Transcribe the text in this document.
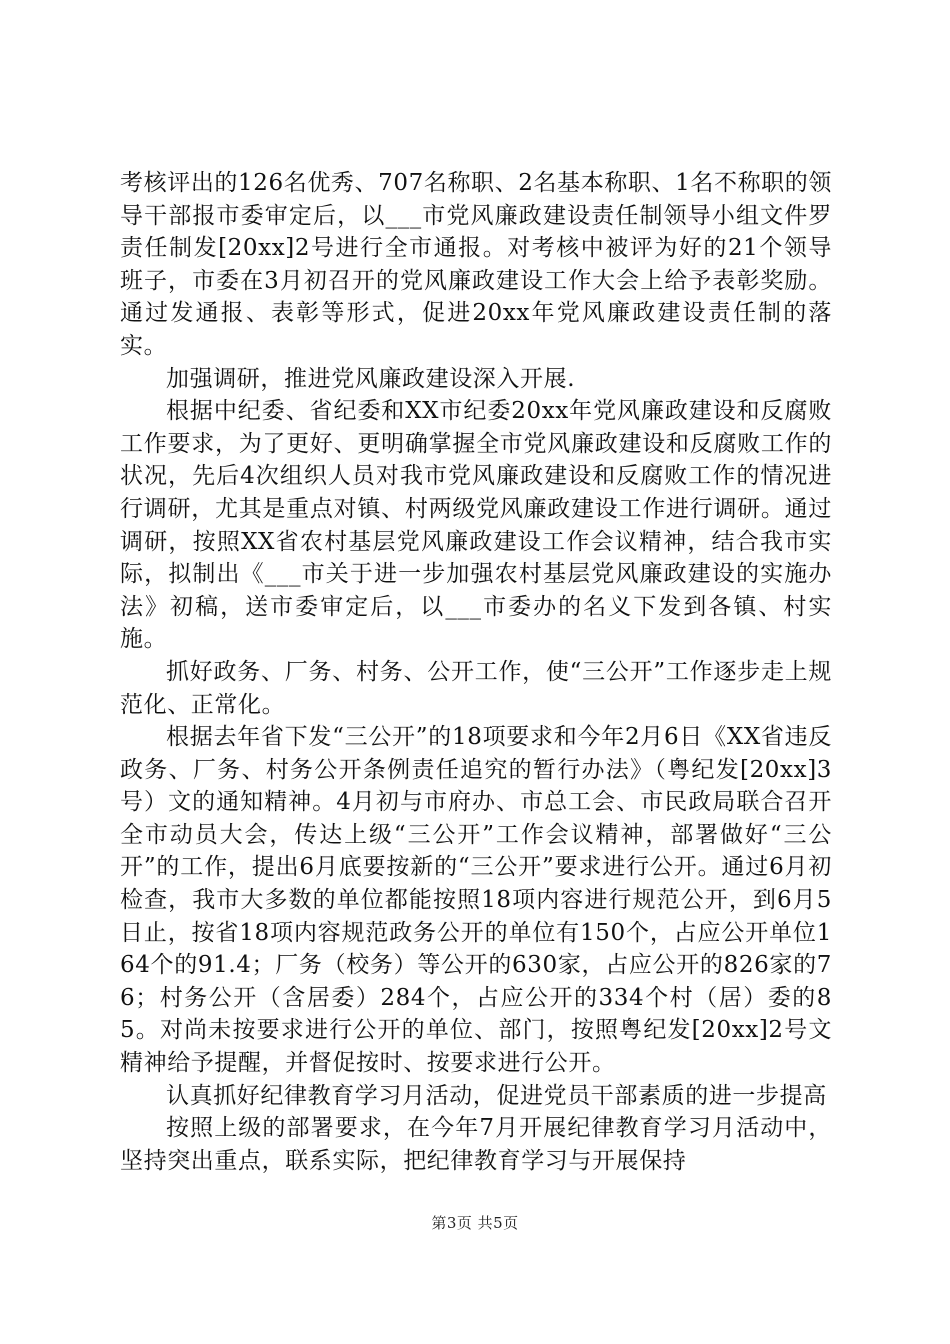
考核评出的126名优秀、707名称职、2名基本称职、1名不称职的领导干部报市委审定后，以___市党风廉政建设责任制领导小组文件罗责任制发[20xx]2号进行全市通报。对考核中被评为好的21个领导班子，市委在3月初召开的党风廉政建设工作大会上给予表彰奖励。通过发通报、表彰等形式，促进20xx年党风廉政建设责任制的落实。

加强调研，推进党风廉政建设深入开展.

根据中纪委、省纪委和XX市纪委20xx年党风廉政建设和反腐败工作要求，为了更好、更明确掌握全市党风廉政建设和反腐败工作的状况，先后4次组织人员对我市党风廉政建设和反腐败工作的情况进行调研，尤其是重点对镇、村两级党风廉政建设工作进行调研。通过调研，按照XX省农村基层党风廉政建设工作会议精神，结合我市实际，拟制出《___市关于进一步加强农村基层党风廉政建设的实施办法》初稿，送市委审定后，以___市委办的名义下发到各镇、村实施。

抓好政务、厂务、村务、公开工作，使“三公开”工作逐步走上规范化、正常化。

根据去年省下发“三公开”的18项要求和今年2月6日《XX省违反政务、厂务、村务公开条例责任追究的暂行办法》（粤纪发[20xx]3号）文的通知精神。4月初与市府办、市总工会、市民政局联合召开全市动员大会，传达上级“三公开”工作会议精神，部署做好“三公开”的工作，提出6月底要按新的“三公开”要求进行公开。通过6月初检查，我市大多数的单位都能按照18项内容进行规范公开，到6月5日止，按省18项内容规范政务公开的单位有150个，占应公开单位164个的91.4；厂务（校务）等公开的630家，占应公开的826家的76；村务公开（含居委）284个，占应公开的334个村（居）委的85。对尚未按要求进行公开的单位、部门，按照粤纪发[20xx]2号文精神给予提醒，并督促按时、按要求进行公开。

认真抓好纪律教育学习月活动，促进党员干部素质的进一步提高

按照上级的部署要求，在今年7月开展纪律教育学习月活动中，坚持突出重点，联系实际，把纪律教育学习与开展保持

第3页 共5页
